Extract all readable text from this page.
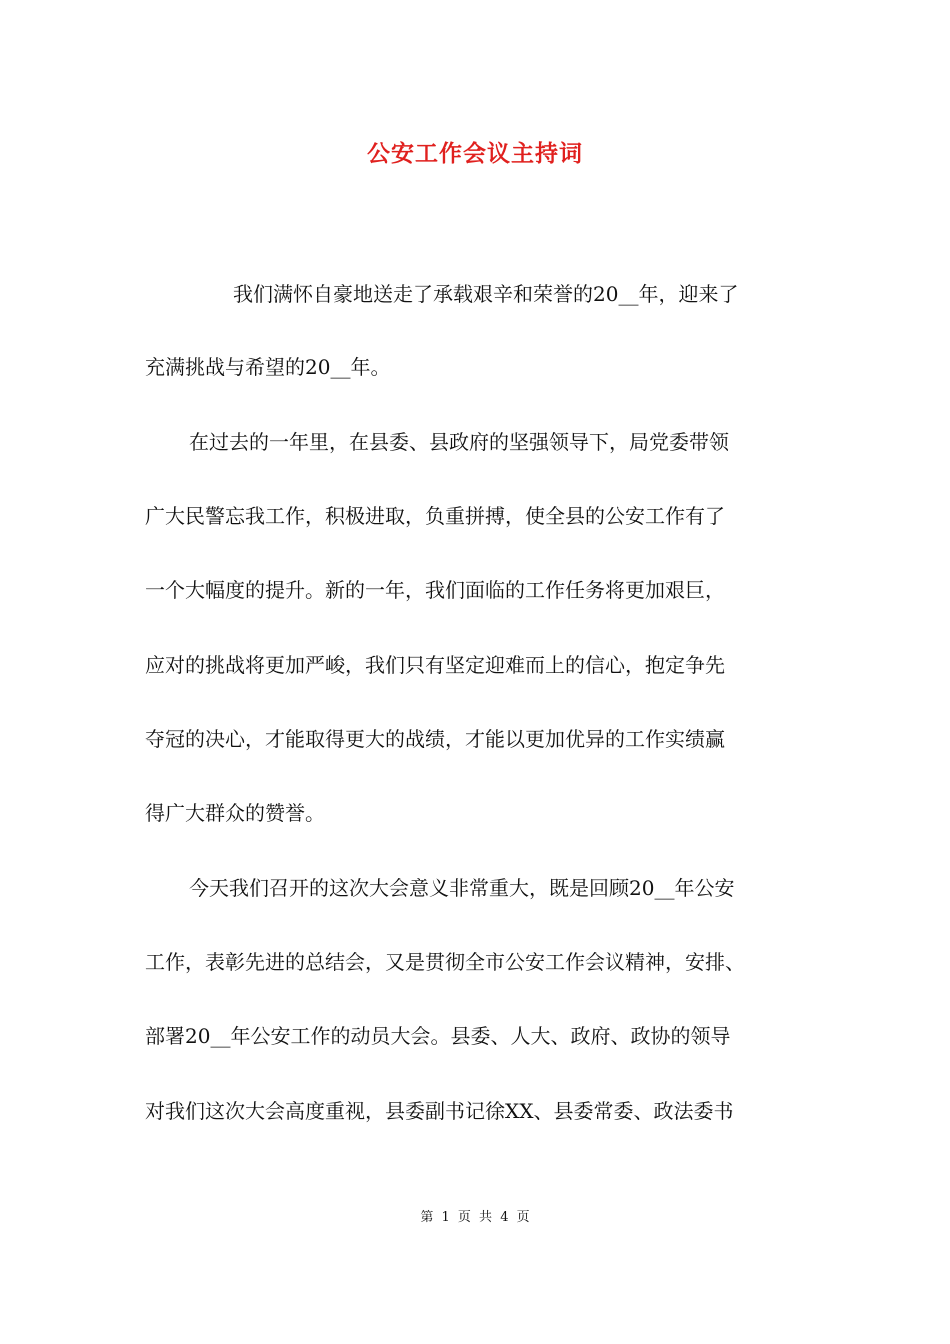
公安工作会议主持词

我们满怀自豪地送走了承载艰辛和荣誉的20__年，迎来了

充满挑战与希望的20__年。

在过去的一年里，在县委、县政府的坚强领导下，局党委带领

广大民警忘我工作，积极进取，负重拼搏，使全县的公安工作有了

一个大幅度的提升。新的一年，我们面临的工作任务将更加艰巨，

应对的挑战将更加严峻，我们只有坚定迎难而上的信心，抱定争先

夺冠的决心，才能取得更大的战绩，才能以更加优异的工作实绩赢

得广大群众的赞誉。

今天我们召开的这次大会意义非常重大，既是回顾20__年公安

工作，表彰先进的总结会，又是贯彻全市公安工作会议精神，安排、

部署20__年公安工作的动员大会。县委、人大、政府、政协的领导

对我们这次大会高度重视，县委副书记徐XX、县委常委、政法委书

第 1 页 共 4 页
